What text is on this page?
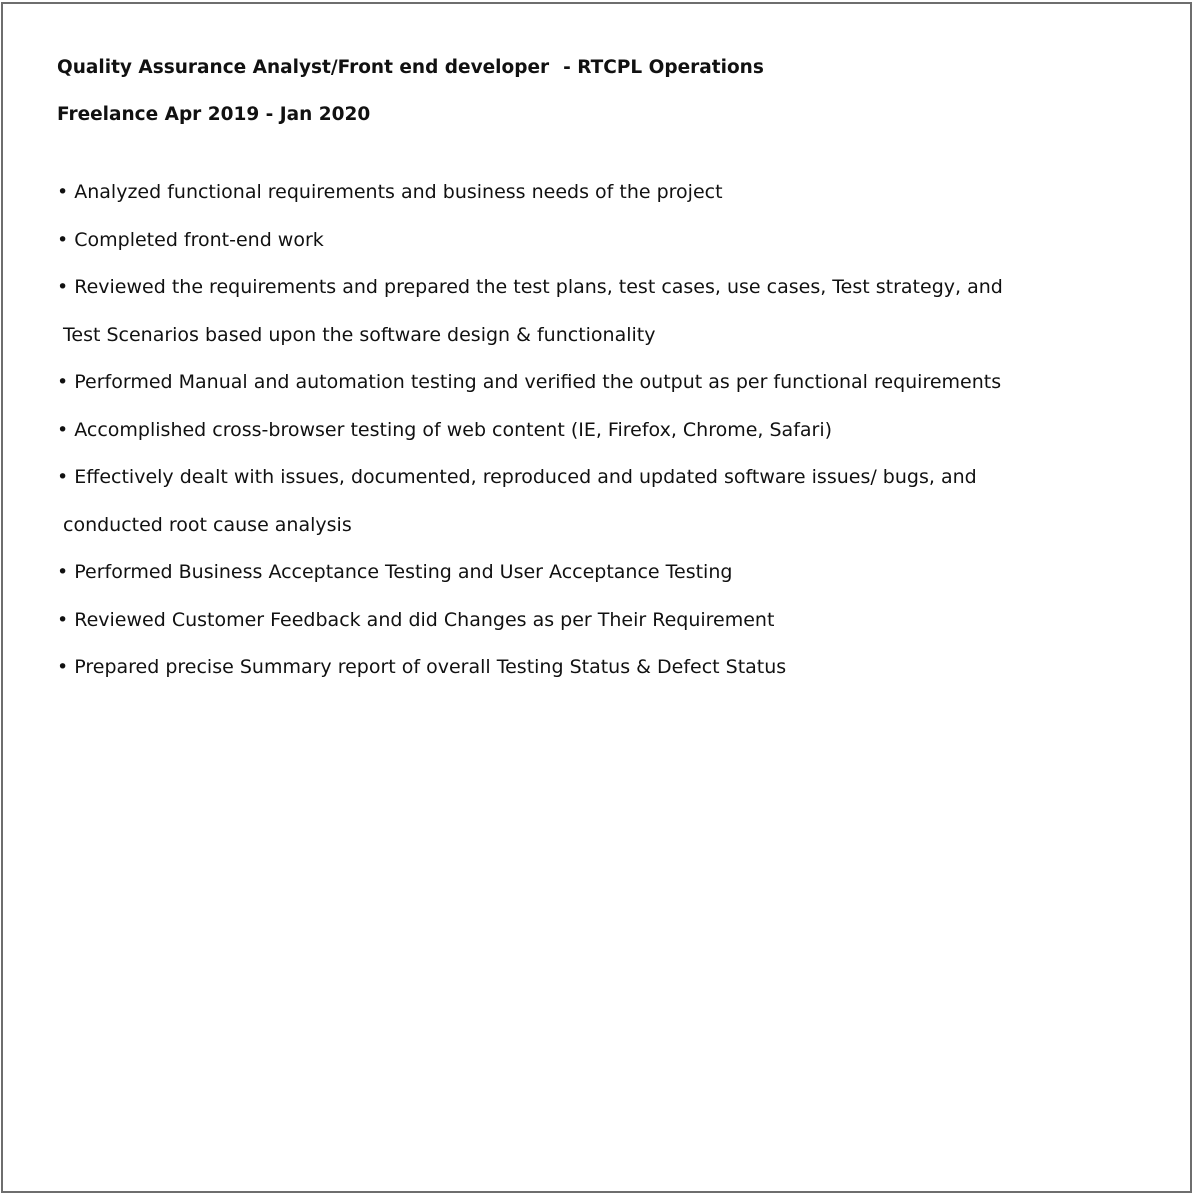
Quality Assurance Analyst/Front end developer - RTCPL Operations
Freelance Apr 2019 - Jan 2020
• Analyzed functional requirements and business needs of the project
• Completed front-end work
• Reviewed the requirements and prepared the test plans, test cases, use cases, Test strategy, and
Test Scenarios based upon the software design & functionality
• Performed Manual and automation testing and verified the output as per functional requirements
• Accomplished cross-browser testing of web content (IE, Firefox, Chrome, Safari)
• Effectively dealt with issues, documented, reproduced and updated software issues/ bugs, and
conducted root cause analysis
• Performed Business Acceptance Testing and User Acceptance Testing
• Reviewed Customer Feedback and did Changes as per Their Requirement
• Prepared precise Summary report of overall Testing Status & Defect Status
